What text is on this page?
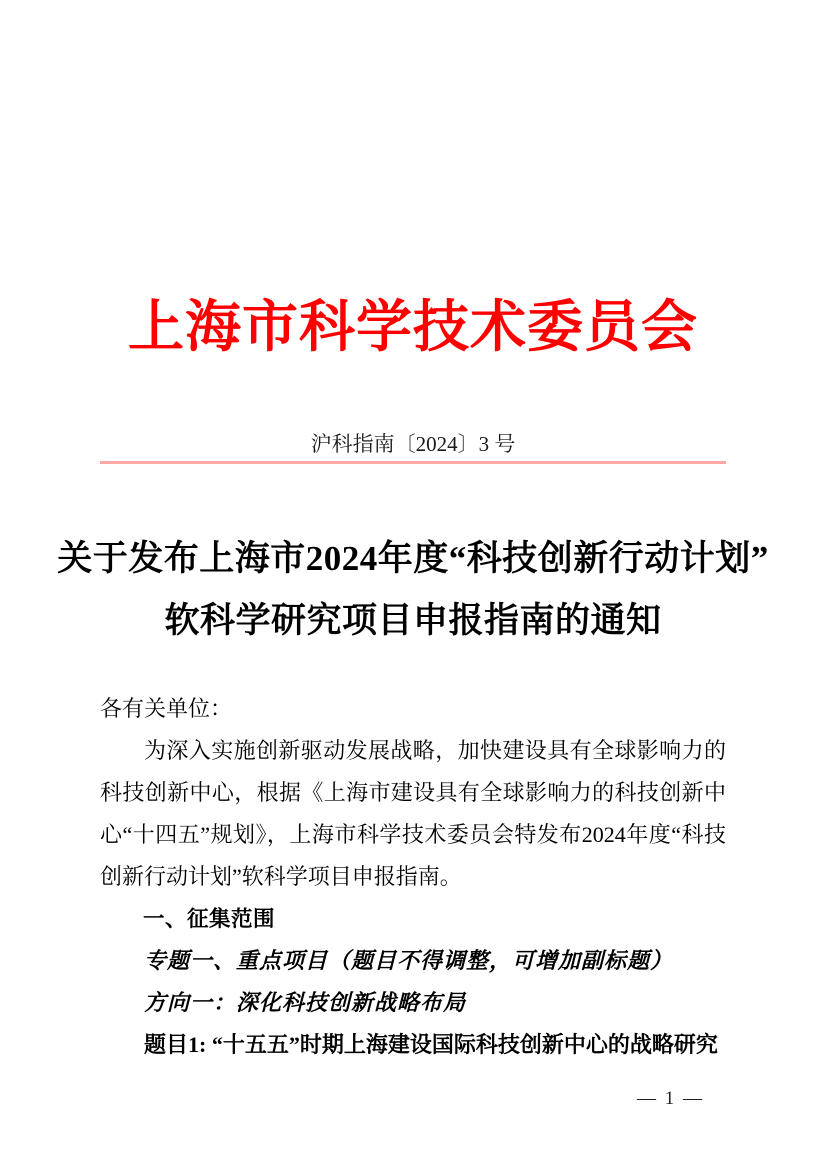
上海市科学技术委员会
沪科指南〔2024〕3 号
关于发布上海市2024年度“科技创新行动计划”
软科学研究项目申报指南的通知

各有关单位：

为深入实施创新驱动发展战略，加快建设具有全球影响力的科技创新中心，根据《上海市建设具有全球影响力的科技创新中心“十四五”规划》，上海市科学技术委员会特发布2024年度“科技创新行动计划”软科学项目申报指南。

一、征集范围

专题一、重点项目（题目不得调整，可增加副标题）

方向一：深化科技创新战略布局

题目1: “十五五”时期上海建设国际科技创新中心的战略研究

— 1 —
